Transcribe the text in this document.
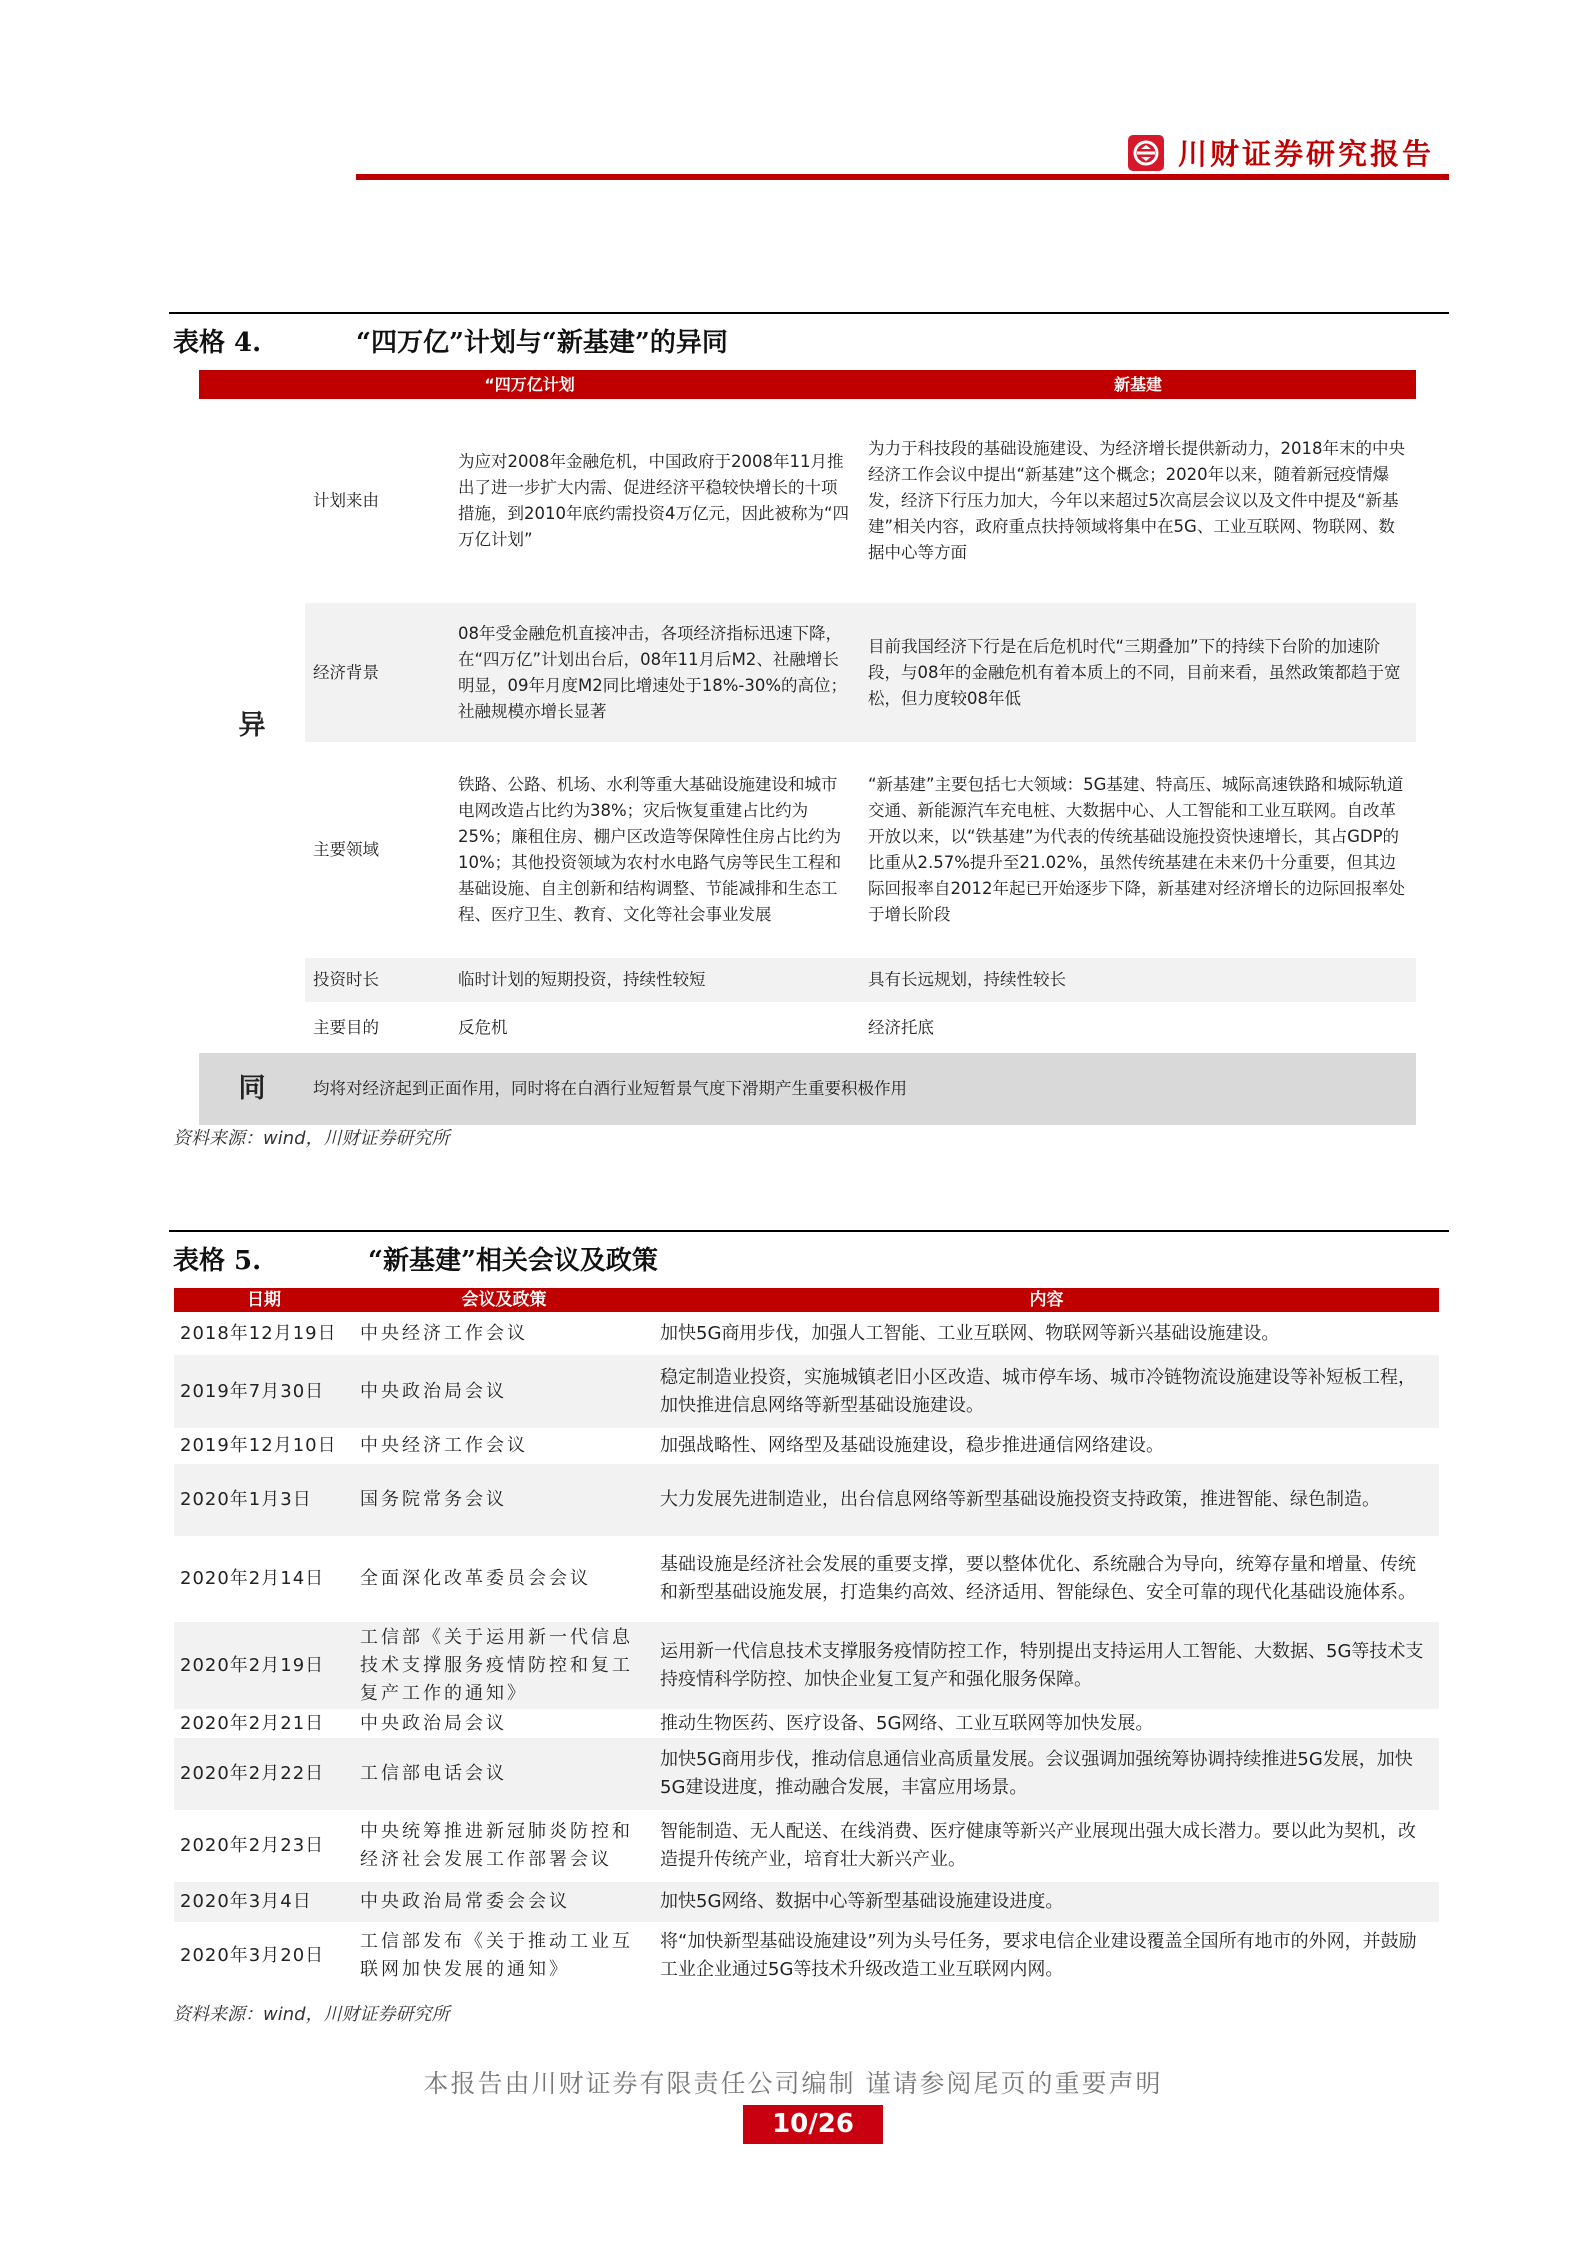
川财证券研究报告
表格 4.	“四万亿”计划与“新基建”的异同
“四万亿计划			新基建
异	计划来由	为应对2008年金融危机，中国政府于2008年11月推出了进一步扩大内需、促进经济平稳较快增长的十项措施，到2010年底约需投资4万亿元，因此被称为“四万亿计划”	为力于科技段的基础设施建设、为经济增长提供新动力，2018年末的中央经济工作会议中提出“新基建”这个概念；2020年以来，随着新冠疫情爆发，经济下行压力加大，今年以来超过5次高层会议以及文件中提及“新基建”相关内容，政府重点扶持领域将集中在5G、工业互联网、物联网、数据中心等方面
	经济背景	08年受金融危机直接冲击，各项经济指标迅速下降，在“四万亿”计划出台后，08年11月后M2、社融增长明显，09年月度M2同比增速处于18%-30%的高位；社融规模亦增长显著	目前我国经济下行是在后危机时代“三期叠加”下的持续下台阶的加速阶段，与08年的金融危机有着本质上的不同，目前来看，虽然政策都趋于宽松，但力度较08年低
	主要领域	铁路、公路、机场、水利等重大基础设施建设和城市电网改造占比约为38%；灾后恢复重建占比约为25%；廉租住房、棚户区改造等保障性住房占比约为10%；其他投资领域为农村水电路气房等民生工程和基础设施、自主创新和结构调整、节能减排和生态工程、医疗卫生、教育、文化等社会事业发展	“新基建”主要包括七大领域：5G基建、特高压、城际高速铁路和城际轨道交通、新能源汽车充电桩、大数据中心、人工智能和工业互联网。自改革开放以来，以“铁基建”为代表的传统基础设施投资快速增长，其占GDP的比重从2.57%提升至21.02%，虽然传统基建在未来仍十分重要，但其边际回报率自2012年起已开始逐步下降，新基建对经济增长的边际回报率处于增长阶段
	投资时长	临时计划的短期投资，持续性较短	具有长远规划，持续性较长
	主要目的	反危机	经济托底
同	均将对经济起到正面作用，同时将在白酒行业短暂景气度下滑期产生重要积极作用		
资料来源：wind，川财证券研究所
表格 5.	“新基建”相关会议及政策
日期	会议及政策	内容
2018年12月19日	中央经济工作会议	加快5G商用步伐，加强人工智能、工业互联网、物联网等新兴基础设施建设。
2019年7月30日	中央政治局会议	稳定制造业投资，实施城镇老旧小区改造、城市停车场、城市冷链物流设施建设等补短板工程，加快推进信息网络等新型基础设施建设。
2019年12月10日	中央经济工作会议	加强战略性、网络型及基础设施建设，稳步推进通信网络建设。
2020年1月3日	国务院常务会议	大力发展先进制造业，出台信息网络等新型基础设施投资支持政策，推进智能、绿色制造。
2020年2月14日	全面深化改革委员会会议	基础设施是经济社会发展的重要支撑，要以整体优化、系统融合为导向，统筹存量和增量、传统和新型基础设施发展，打造集约高效、经济适用、智能绿色、安全可靠的现代化基础设施体系。
2020年2月19日	工信部《关于运用新一代信息技术支撑服务疫情防控和复工复产工作的通知》	运用新一代信息技术支撑服务疫情防控工作，特别提出支持运用人工智能、大数据、5G等技术支持疫情科学防控、加快企业复工复产和强化服务保障。
2020年2月21日	中央政治局会议	推动生物医药、医疗设备、5G网络、工业互联网等加快发展。
2020年2月22日	工信部电话会议	加快5G商用步伐，推动信息通信业高质量发展。会议强调加强统筹协调持续推进5G发展，加快5G建设进度，推动融合发展，丰富应用场景。
2020年2月23日	中央统筹推进新冠肺炎防控和经济社会发展工作部署会议	智能制造、无人配送、在线消费、医疗健康等新兴产业展现出强大成长潜力。要以此为契机，改造提升传统产业，培育壮大新兴产业。
2020年3月4日	中央政治局常委会会议	加快5G网络、数据中心等新型基础设施建设进度。
2020年3月20日	工信部发布《关于推动工业互联网加快发展的通知》	将“加快新型基础设施建设”列为头号任务，要求电信企业建设覆盖全国所有地市的外网，并鼓励工业企业通过5G等技术升级改造工业互联网内网。
资料来源：wind，川财证券研究所
本报告由川财证券有限责任公司编制 谨请参阅尾页的重要声明
10/26
